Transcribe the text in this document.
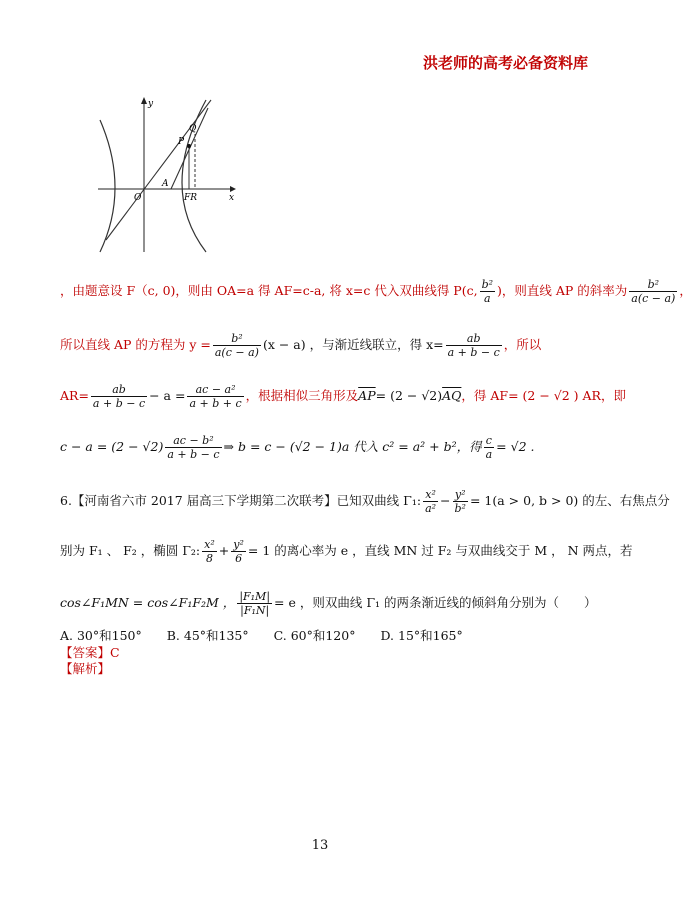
洪老师的高考必备资料库
y
x
O
A
P
Q
FR
，由题意设 F（c, 0)，则由 OA=a 得 AF=c-a, 将 x=c 代入双曲线得 P(c, $\frac{\text{b²}}{a}$ )，则直线 AP 的斜率为 $\frac{\text{b²}}{a(c - a)}$ ，
所以直线 AP 的方程为 $y = \frac{\text{b²}}{a(c - a)} (x - a)$ ，与渐近线联立，得 $x= \frac{ab}{a + b - c}$ ，所以
$AR= \frac{ab}{a + b - c} - a = \frac{\text{ac − a²}}{a + b + c}$ ，根据相似三角形及$\overline{AP}= (2 - √2)\overline{AQ}$，得 AF= (2 − √2 ) AR，即
$c - a = (2 - √2) \frac{\text{ac − b²}}{a + b - c}$ ⇒ b = c − (√2 − 1)a 代入 c² = a² + b²，得 $\frac{c}{a} = √2$ .
6.【河南省六市 2017 届高三下学期第二次联考】已知双曲线 Γ₁: $\frac{\text{x²}}{\text{a²}} - \frac{\text{y²}}{\text{b²}} = 1(a > 0$, b > 0) 的左、右焦点分
别为 F₁ 、 F₂ ，椭圆 Γ₂: $\frac{\text{x²}}{8} + \frac{\text{y²}}{6} = 1$ 的离心率为 e ，直线 MN 过 F₂ 与双曲线交于 M ， N 两点，若
cos∠F₁MN = cos∠F₁F₂M ， $\frac{\text{|F₁M|}}{\text{|F₁N|}} = e$ ，则双曲线 Γ₁ 的两条渐近线的倾斜角分别为（　　）
A. 30°和150°　　B. 45°和135°　　C. 60°和120°　　D. 15°和165°
【答案】C
【解析】
13
